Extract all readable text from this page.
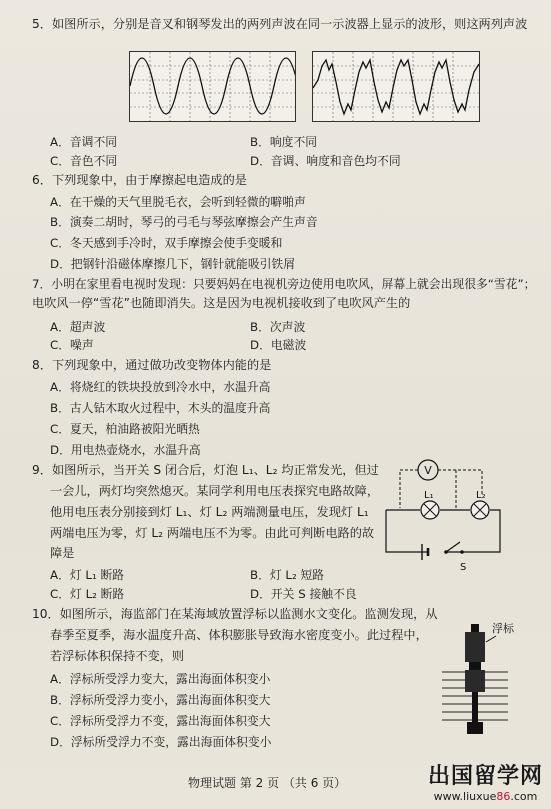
5．如图所示，分别是音叉和钢琴发出的两列声波在同一示波器上显示的波形，则这两列声波
A．音调不同	B．响度不同
C．音色不同	D．音调、响度和音色均不同
6．下列现象中，由于摩擦起电造成的是
A．在干燥的天气里脱毛衣，会听到轻微的噼啪声
B．演奏二胡时，琴弓的弓毛与琴弦摩擦会产生声音
C．冬天感到手冷时，双手摩擦会使手变暖和
D．把钢针沿磁体摩擦几下，钢针就能吸引铁屑
7．小明在家里看电视时发现：只要妈妈在电视机旁边使用电吹风，屏幕上就会出现很多“雪花”；
电吹风一停“雪花”也随即消失。这是因为电视机接收到了电吹风产生的
A．超声波	B．次声波
C．噪声	D．电磁波
8．下列现象中，通过做功改变物体内能的是
A．将烧红的铁块投放到冷水中，水温升高
B．古人钻木取火过程中，木头的温度升高
C．夏天，柏油路被阳光晒热
D．用电热壶烧水，水温升高
9．如图所示，当开关 S 闭合后，灯泡 L₁、L₂ 均正常发光，但过
一会儿，两灯均突然熄灭。某同学利用电压表探究电路故障，
他用电压表分别接到灯 L₁、灯 L₂ 两端测量电压，发现灯 L₁
两端电压为零，灯 L₂ 两端电压不为零。由此可判断电路的故
障是
A．灯 L₁ 断路	B．灯 L₂ 短路
C．灯 L₂ 断路	D．开关 S 接触不良
V
L₁	L₂
S
10．如图所示，海监部门在某海域放置浮标以监测水文变化。监测发现，从
春季至夏季，海水温度升高、体积膨胀导致海水密度变小。此过程中，
若浮标体积保持不变，则
A．浮标所受浮力变大，露出海面体积变小
B．浮标所受浮力变小，露出海面体积变大
C．浮标所受浮力不变，露出海面体积变大
D．浮标所受浮力不变，露出海面体积变小
浮标
物理试题 第 2 页 （共 6 页）	出国留学网
www.liuxue86.com
